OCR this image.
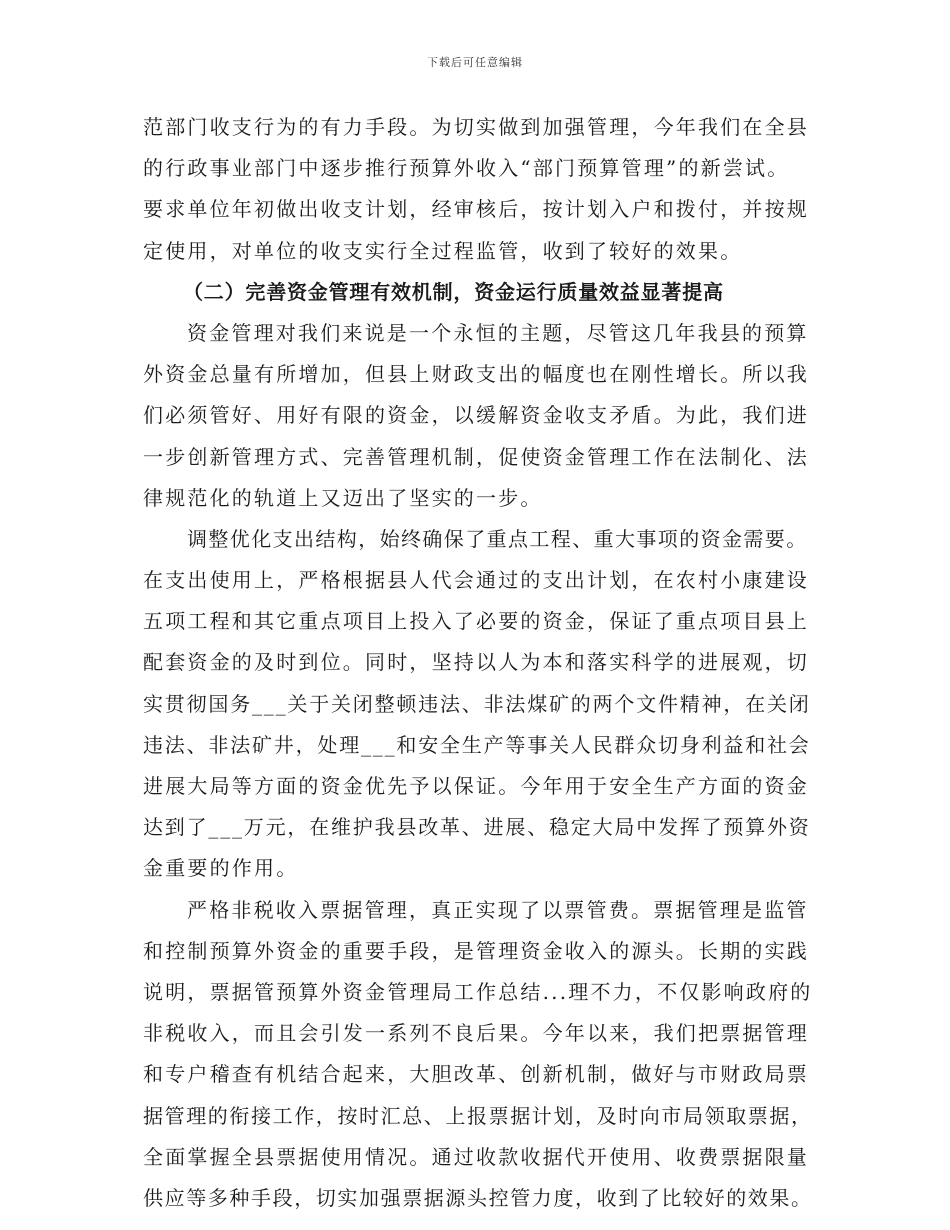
下载后可任意编辑
范部门收支行为的有力手段。为切实做到加强管理，今年我们在全县
的行政事业部门中逐步推行预算外收入“部门预算管理”的新尝试。
要求单位年初做出收支计划，经审核后，按计划入户和拨付，并按规
定使用，对单位的收支实行全过程监管，收到了较好的效果。
（二）完善资金管理有效机制，资金运行质量效益显著提高
资金管理对我们来说是一个永恒的主题，尽管这几年我县的预算
外资金总量有所增加，但县上财政支出的幅度也在刚性增长。所以我
们必须管好、用好有限的资金，以缓解资金收支矛盾。为此，我们进
一步创新管理方式、完善管理机制，促使资金管理工作在法制化、法
律规范化的轨道上又迈出了坚实的一步。
调整优化支出结构，始终确保了重点工程、重大事项的资金需要。
在支出使用上，严格根据县人代会通过的支出计划，在农村小康建设
五项工程和其它重点项目上投入了必要的资金，保证了重点项目县上
配套资金的及时到位。同时，坚持以人为本和落实科学的进展观，切
实贯彻国务___关于关闭整顿违法、非法煤矿的两个文件精神，在关闭
违法、非法矿井，处理___和安全生产等事关人民群众切身利益和社会
进展大局等方面的资金优先予以保证。今年用于安全生产方面的资金
达到了___万元，在维护我县改革、进展、稳定大局中发挥了预算外资
金重要的作用。
严格非税收入票据管理，真正实现了以票管费。票据管理是监管
和控制预算外资金的重要手段，是管理资金收入的源头。长期的实践
说明，票据管预算外资金管理局工作总结...理不力，不仅影响政府的
非税收入，而且会引发一系列不良后果。今年以来，我们把票据管理
和专户稽查有机结合起来，大胆改革、创新机制，做好与市财政局票
据管理的衔接工作，按时汇总、上报票据计划，及时向市局领取票据，
全面掌握全县票据使用情况。通过收款收据代开使用、收费票据限量
供应等多种手段，切实加强票据源头控管力度，收到了比较好的效果。
